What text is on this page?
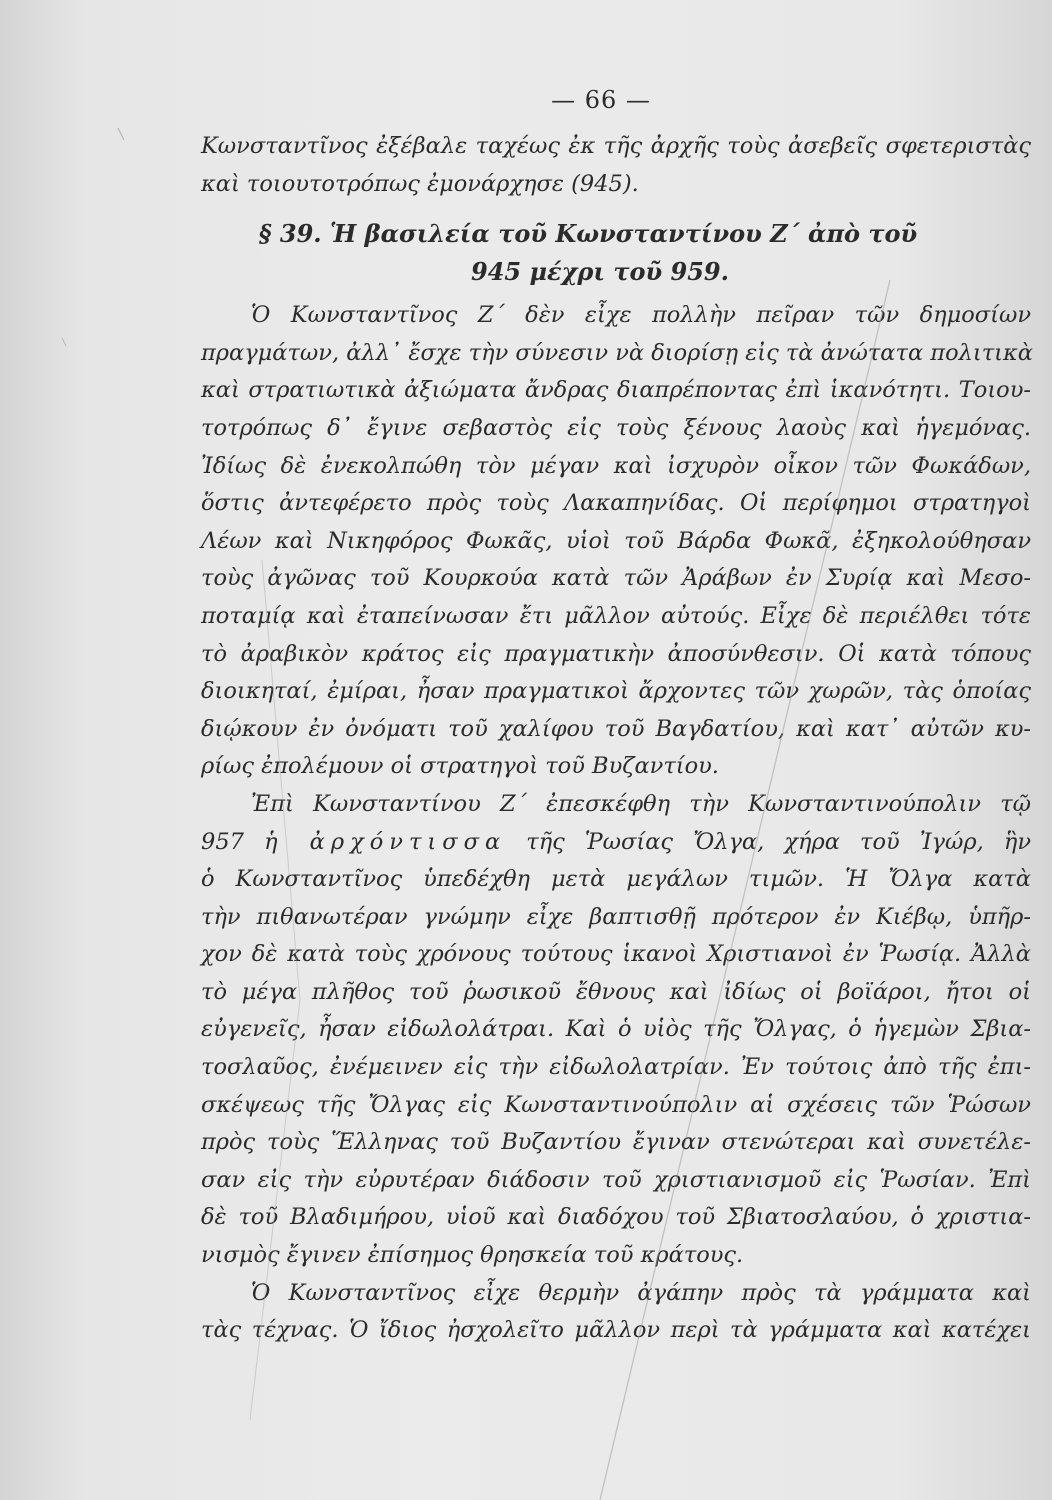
— 66 —
Κωνσταντῖνος ἐξέβαλε ταχέως ἐκ τῆς ἀρχῆς τοὺς ἀσεβεῖς σφετεριστὰς
καὶ τοιουτοτρόπως ἐμονάρχησε (945).
§ 39. Ἡ βασιλεία τοῦ Κωνσταντίνου Ζ΄ ἀπὸ τοῦ
945 μέχρι τοῦ 959.
Ὁ Κωνσταντῖνος Ζ΄ δὲν εἶχε πολλὴν πεῖραν τῶν δημοσίων
πραγμάτων, ἀλλ᾽ ἔσχε τὴν σύνεσιν νὰ διορίσῃ εἰς τὰ ἀνώτατα πολιτικὰ
καὶ στρατιωτικὰ ἀξιώματα ἄνδρας διαπρέποντας ἐπὶ ἱκανότητι. Τοιου-
τοτρόπως δ᾽ ἔγινε σεβαστὸς εἰς τοὺς ξένους λαοὺς καὶ ἡγεμόνας.
Ἰδίως δὲ ἐνεκολπώθη τὸν μέγαν καὶ ἰσχυρὸν οἶκον τῶν Φωκάδων,
ὅστις ἀντεφέρετο πρὸς τοὺς Λακαπηνίδας. Οἱ περίφημοι στρατηγοὶ
Λέων καὶ Νικηφόρος Φωκᾶς, υἱοὶ τοῦ Βάρδα Φωκᾶ, ἐξηκολούθησαν
τοὺς ἀγῶνας τοῦ Κουρκούα κατὰ τῶν Ἀράβων ἐν Συρίᾳ καὶ Μεσο-
ποταμίᾳ καὶ ἐταπείνωσαν ἔτι μᾶλλον αὐτούς. Εἶχε δὲ περιέλθει τότε
τὸ ἀραβικὸν κράτος εἰς πραγματικὴν ἀποσύνθεσιν. Οἱ κατὰ τόπους
διοικηταί, ἐμίραι, ἦσαν πραγματικοὶ ἄρχοντες τῶν χωρῶν, τὰς ὁποίας
διῴκουν ἐν ὀνόματι τοῦ χαλίφου τοῦ Βαγδατίου, καὶ κατ᾽ αὐτῶν κυ-
ρίως ἐπολέμουν οἱ στρατηγοὶ τοῦ Βυζαντίου.
Ἐπὶ Κωνσταντίνου Ζ΄ ἐπεσκέφθη τὴν Κωνσταντινούπολιν τῷ
957 ἡ ἀρχόντισσα τῆς Ῥωσίας Ὄλγα, χήρα τοῦ Ἰγώρ, ἣν
ὁ Κωνσταντῖνος ὑπεδέχθη μετὰ μεγάλων τιμῶν. Ἡ Ὄλγα κατὰ
τὴν πιθανωτέραν γνώμην εἶχε βαπτισθῇ πρότερον ἐν Κιέβῳ, ὑπῆρ-
χον δὲ κατὰ τοὺς χρόνους τούτους ἱκανοὶ Χριστιανοὶ ἐν Ῥωσίᾳ. Ἀλλὰ
τὸ μέγα πλῆθος τοῦ ῥωσικοῦ ἔθνους καὶ ἰδίως οἱ βοϊάροι, ἤτοι οἱ
εὐγενεῖς, ἦσαν εἰδωλολάτραι. Καὶ ὁ υἱὸς τῆς Ὄλγας, ὁ ἡγεμὼν Σβια-
τοσλαῦος, ἐνέμεινεν εἰς τὴν εἰδωλολατρίαν. Ἐν τούτοις ἀπὸ τῆς ἐπι-
σκέψεως τῆς Ὄλγας εἰς Κωνσταντινούπολιν αἱ σχέσεις τῶν Ῥώσων
πρὸς τοὺς Ἕλληνας τοῦ Βυζαντίου ἔγιναν στενώτεραι καὶ συνετέλε-
σαν εἰς τὴν εὐρυτέραν διάδοσιν τοῦ χριστιανισμοῦ εἰς Ῥωσίαν. Ἐπὶ
δὲ τοῦ Βλαδιμήρου, υἱοῦ καὶ διαδόχου τοῦ Σβιατοσλαύου, ὁ χριστια-
νισμὸς ἔγινεν ἐπίσημος θρησκεία τοῦ κράτους.
Ὁ Κωνσταντῖνος εἶχε θερμὴν ἀγάπην πρὸς τὰ γράμματα καὶ
τὰς τέχνας. Ὁ ἴδιος ἠσχολεῖτο μᾶλλον περὶ τὰ γράμματα καὶ κατέχει
